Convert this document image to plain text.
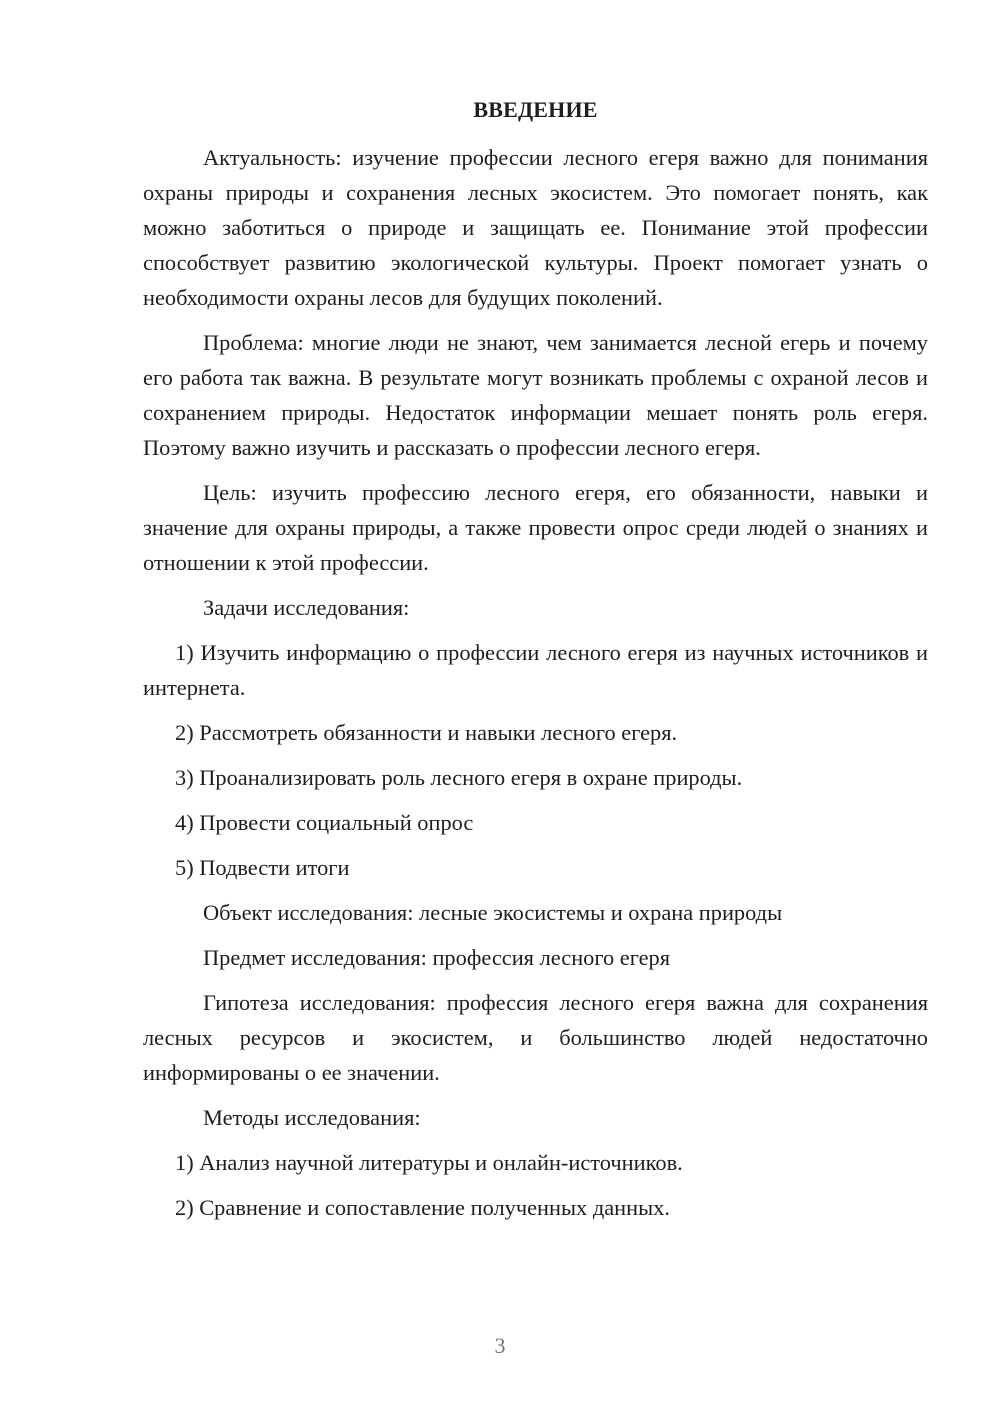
ВВЕДЕНИЕ

Актуальность: изучение профессии лесного егеря важно для понимания охраны природы и сохранения лесных экосистем. Это помогает понять, как можно заботиться о природе и защищать ее. Понимание этой профессии способствует развитию экологической культуры. Проект помогает узнать о необходимости охраны лесов для будущих поколений.

Проблема: многие люди не знают, чем занимается лесной егерь и почему его работа так важна. В результате могут возникать проблемы с охраной лесов и сохранением природы. Недостаток информации мешает понять роль егеря. Поэтому важно изучить и рассказать о профессии лесного егеря.

Цель: изучить профессию лесного егеря, его обязанности, навыки и значение для охраны природы, а также провести опрос среди людей о знаниях и отношении к этой профессии.

Задачи исследования:

1) Изучить информацию о профессии лесного егеря из научных источников и интернета.

2) Рассмотреть обязанности и навыки лесного егеря.

3) Проанализировать роль лесного егеря в охране природы.

4) Провести социальный опрос

5) Подвести итоги

Объект исследования: лесные экосистемы и охрана природы

Предмет исследования: профессия лесного егеря

Гипотеза исследования: профессия лесного егеря важна для сохранения лесных ресурсов и экосистем, и большинство людей недостаточно информированы о ее значении.

Методы исследования:

1) Анализ научной литературы и онлайн-источников.

2) Сравнение и сопоставление полученных данных.

3
